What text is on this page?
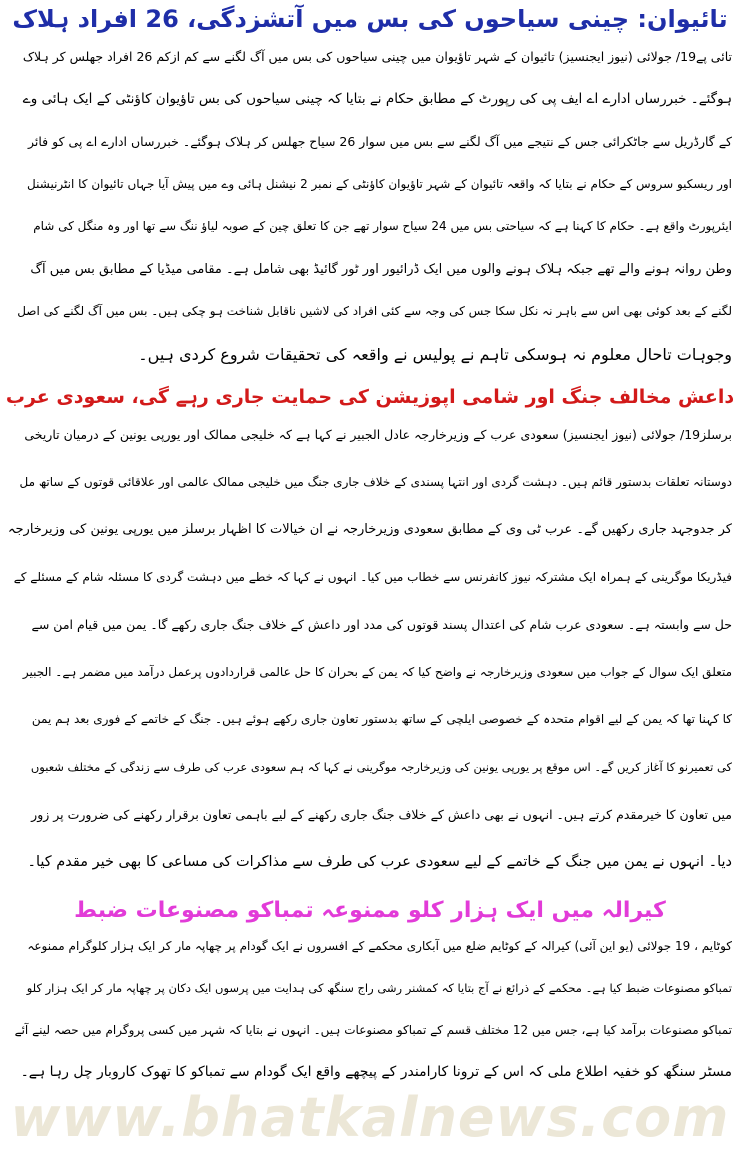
تائیوان: چینی سیاحوں کی بس میں آتشزدگی، 26 افراد ہلاک
تائی پے19/ جولائی (نیوز ایجنسیز) تائیوان کے شہر تاؤیوان میں چینی سیاحوں کی بس میں آگ لگنے سے کم ازکم 26 افراد جھلس کر ہلاک
ہوگئے۔ خبررساں ادارے اے ایف پی کی رپورٹ کے مطابق حکام نے بتایا کہ چینی سیاحوں کی بس تاؤیوان کاؤنٹی کے ایک ہائی وے
کے گارڈریل سے جاٹکرائی جس کے نتیجے میں آگ لگنے سے بس میں سوار 26 سیاح جھلس کر ہلاک ہوگئے۔ خبررساں ادارے اے پی کو فائر
اور ریسکیو سروس کے حکام نے بتایا کہ واقعہ تائیوان کے شہر تاؤیوان کاؤنٹی کے نمبر 2 نیشنل ہائی وے میں پیش آیا جہاں تائیوان کا انٹرنیشنل
ایئرپورٹ واقع ہے۔ حکام کا کہنا ہے کہ سیاحتی بس میں 24 سیاح سوار تھے جن کا تعلق چین کے صوبہ لیاؤ ننگ سے تھا اور وہ منگل کی شام
وطن روانہ ہونے والے تھے جبکہ ہلاک ہونے والوں میں ایک ڈرائیور اور ٹور گائیڈ بھی شامل ہے۔ مقامی میڈیا کے مطابق بس میں آگ
لگنے کے بعد کوئی بھی اس سے باہر نہ نکل سکا جس کی وجہ سے کئی افراد کی لاشیں ناقابل شناخت ہو چکی ہیں۔ بس میں آگ لگنے کی اصل
وجوہات تاحال معلوم نہ ہوسکی تاہم نے پولیس نے واقعہ کی تحقیقات شروع کردی ہیں۔
داعش مخالف جنگ اور شامی اپوزیشن کی حمایت جاری رہے گی، سعودی عرب
برسلز19/ جولائی (نیوز ایجنسیز) سعودی عرب کے وزیرخارجہ عادل الجبیر نے کہا ہے کہ خلیجی ممالک اور یورپی یونین کے درمیان تاریخی
دوستانہ تعلقات بدستور قائم ہیں۔ دہشت گردی اور انتہا پسندی کے خلاف جاری جنگ میں خلیجی ممالک عالمی اور علاقائی قوتوں کے ساتھ مل
کر جدوجہد جاری رکھیں گے۔ عرب ٹی وی کے مطابق سعودی وزیرخارجہ نے ان خیالات کا اظہار برسلز میں یورپی یونین کی وزیرخارجہ
فیڈریکا موگرینی کے ہمراہ ایک مشترکہ نیوز کانفرنس سے خطاب میں کیا۔ انہوں نے کہا کہ خطے میں دہشت گردی کا مسئلہ شام کے مسئلے کے
حل سے وابستہ ہے۔ سعودی عرب شام کی اعتدال پسند قوتوں کی مدد اور داعش کے خلاف جنگ جاری رکھے گا۔ یمن میں قیام امن سے
متعلق ایک سوال کے جواب میں سعودی وزیرخارجہ نے واضح کیا کہ یمن کے بحران کا حل عالمی قراردادوں پرعمل درآمد میں مضمر ہے۔ الجبیر
کا کہنا تھا کہ یمن کے لیے اقوام متحدہ کے خصوصی ایلچی کے ساتھ بدستور تعاون جاری رکھے ہوئے ہیں۔ جنگ کے خاتمے کے فوری بعد ہم یمن
کی تعمیرنو کا آغاز کریں گے۔ اس موقع پر یورپی یونین کی وزیرخارجہ موگرینی نے کہا کہ ہم سعودی عرب کی طرف سے زندگی کے مختلف شعبوں
میں تعاون کا خیرمقدم کرتے ہیں۔ انہوں نے بھی داعش کے خلاف جنگ جاری رکھنے کے لیے باہمی تعاون برقرار رکھنے کی ضرورت پر زور
دیا۔ انہوں نے یمن میں جنگ کے خاتمے کے لیے سعودی عرب کی طرف سے مذاکرات کی مساعی کا بھی خیر مقدم کیا۔
کیرالہ میں ایک ہزار کلو ممنوعہ تمباکو مصنوعات ضبط
کوٹایم ، 19 جولائی (یو این آئی) کیرالہ کے کوٹایم ضلع میں آبکاری محکمے کے افسروں نے ایک گودام پر چھاپہ مار کر ایک ہزار کلوگرام ممنوعہ
تمباکو مصنوعات ضبط کیا ہے۔ محکمے کے ذرائع نے آج بتایا کہ کمشنر رشی راج سنگھ کی ہدایت میں پرسوں ایک دکان پر چھاپہ مار کر ایک ہزار کلو
تمباکو مصنوعات برآمد کیا ہے، جس میں 12 مختلف قسم کے تمباکو مصنوعات ہیں۔ انہوں نے بتایا کہ شہر میں کسی پروگرام میں حصہ لینے آئے
مسٹر سنگھ کو خفیہ اطلاع ملی کہ اس کے ترونا کارامندر کے پیچھے واقع ایک گودام سے تمباکو کا تھوک کاروبار چل رہا ہے۔
www.bhatkalnews.com
